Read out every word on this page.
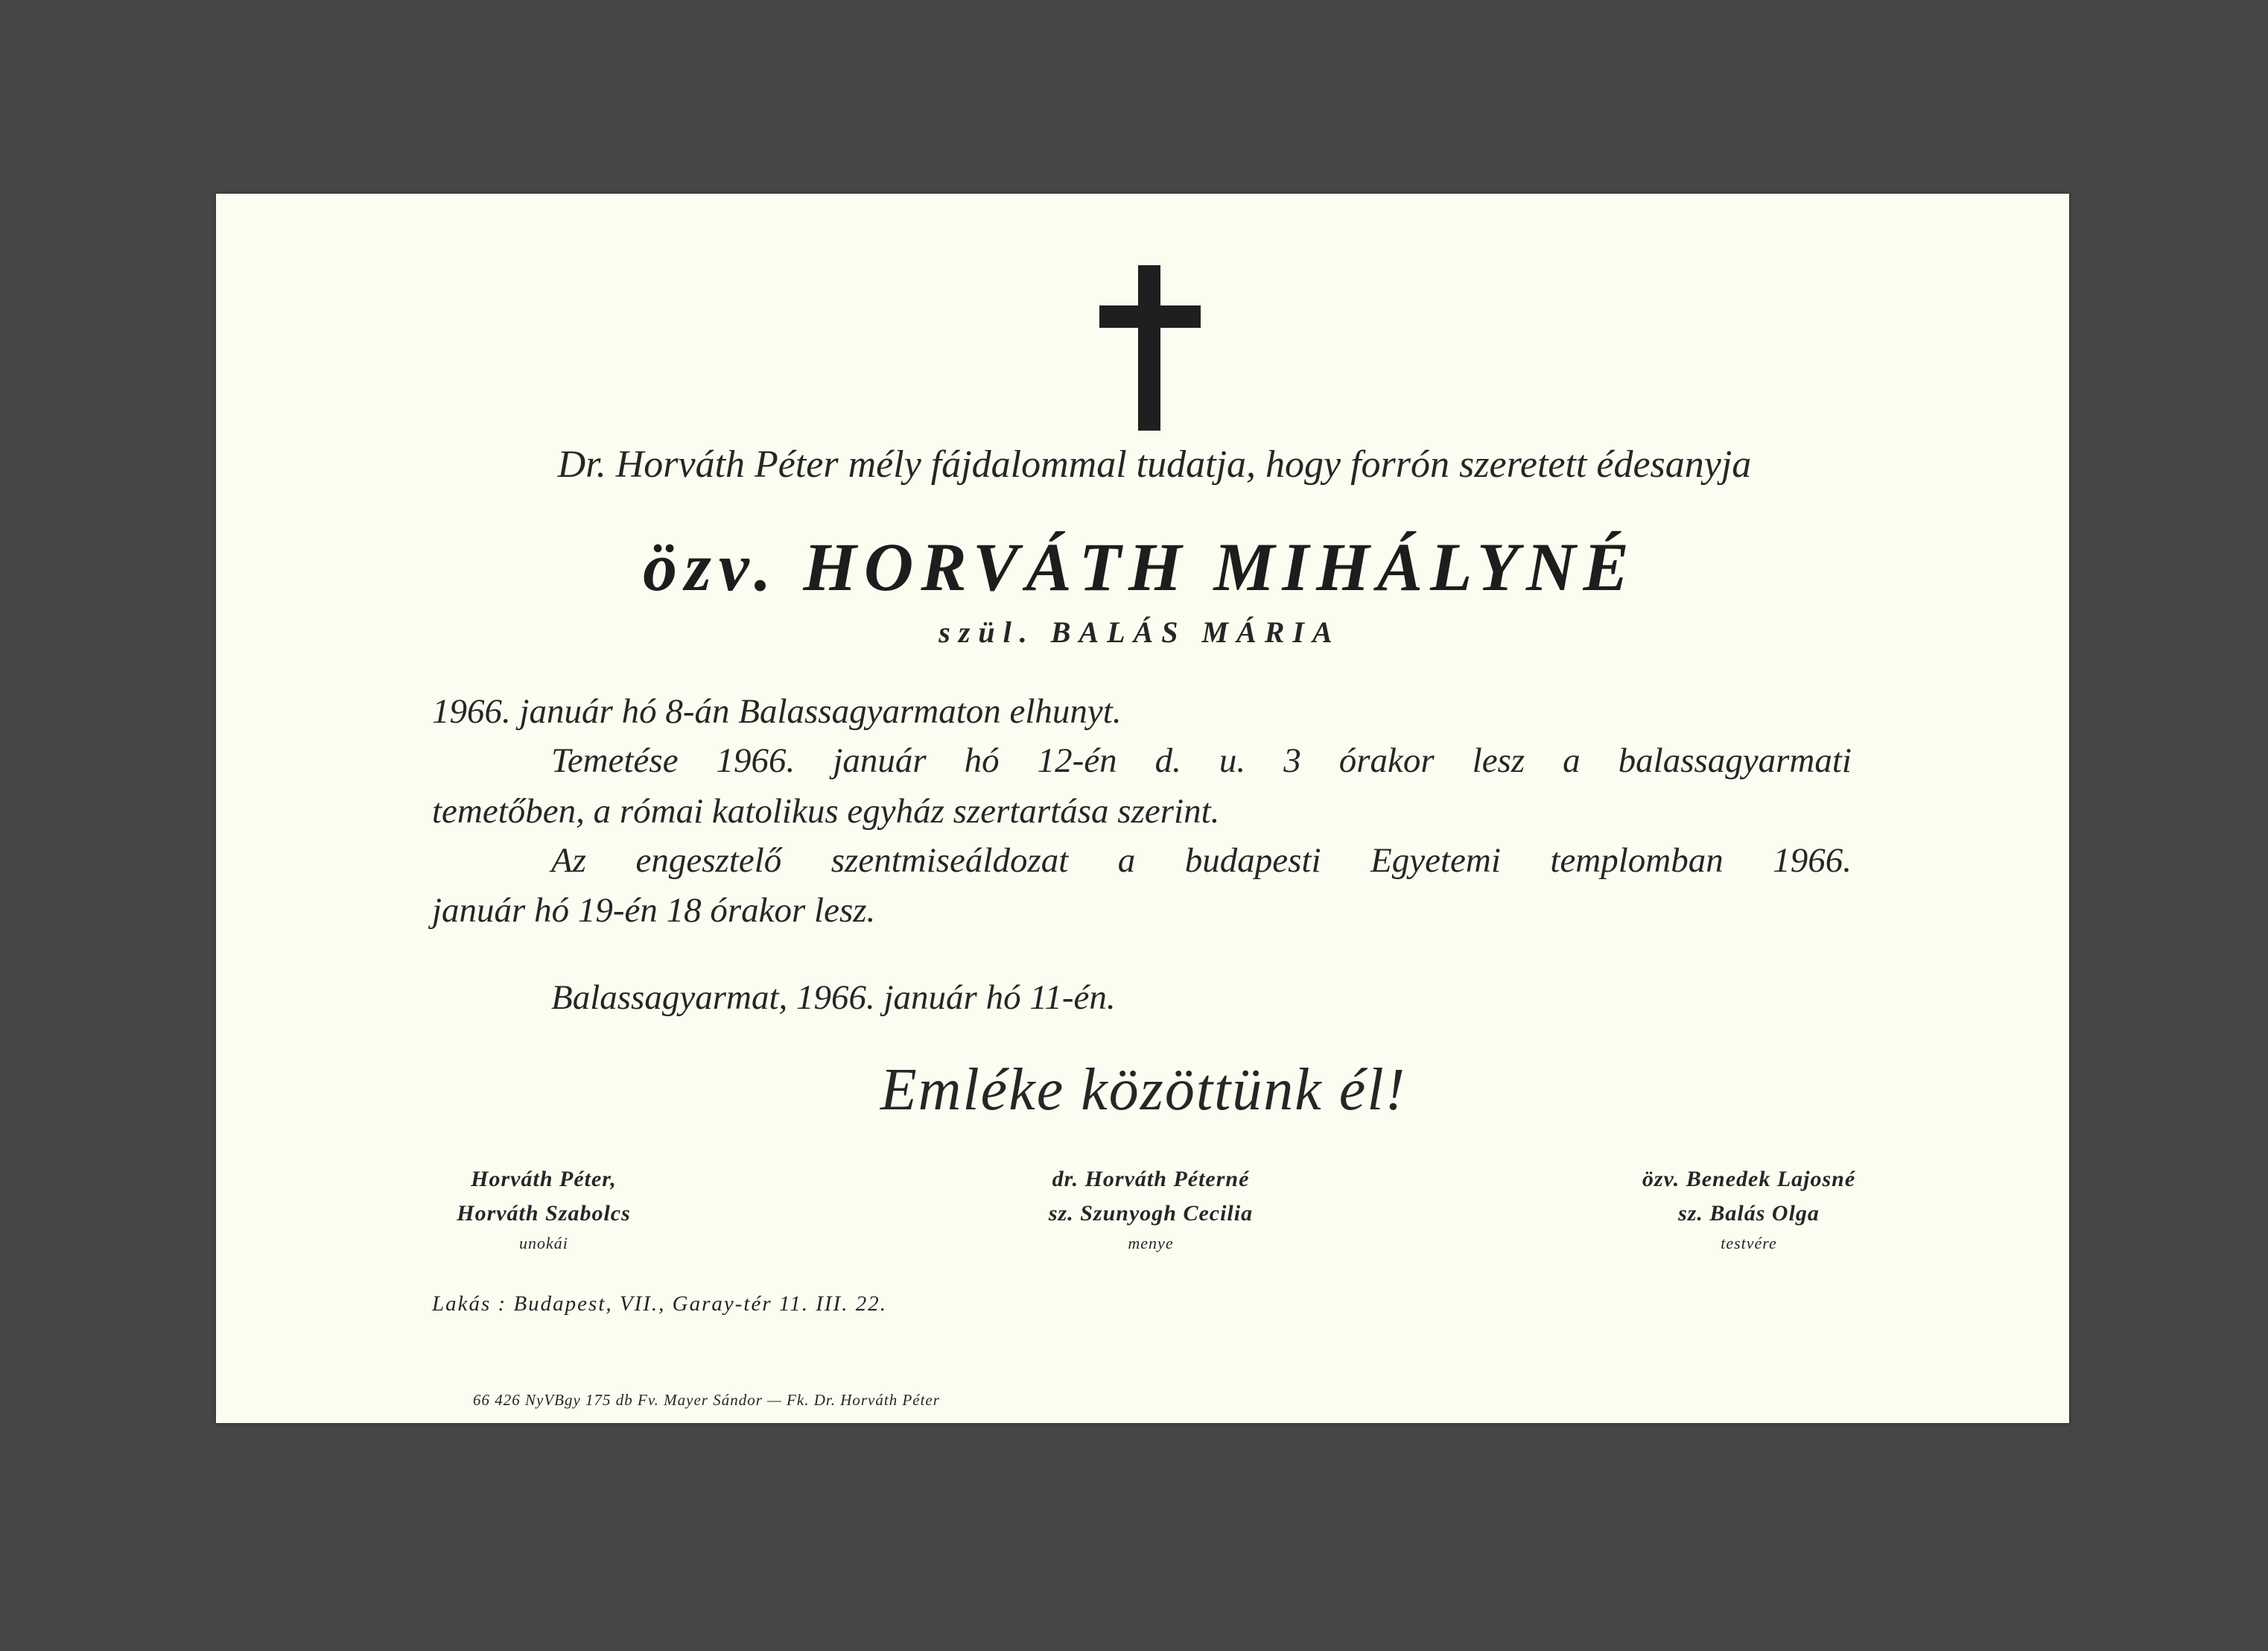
Dr. Horváth Péter mély fájdalommal tudatja, hogy forrón szeretett édesanyja
özv. HORVÁTH MIHÁLYNÉ
szül. BALÁS MÁRIA
1966. január hó 8-án Balassagyarmaton elhunyt.
Temetése 1966. január hó 12-én d. u. 3 órakor lesz a balassagyarmati
temetőben, a római katolikus egyház szertartása szerint.
Az engesztelő szentmiseáldozat a budapesti Egyetemi templomban 1966.
január hó 19-én 18 órakor lesz.
Balassagyarmat, 1966. január hó 11-én.
Emléke közöttünk él!
Horváth Péter,
Horváth Szabolcs
unokái
dr. Horváth Péterné
sz. Szunyogh Cecilia
menye
özv. Benedek Lajosné
sz. Balás Olga
testvére
Lakás : Budapest, VII., Garay-tér 11. III. 22.
66 426 NyVBgy 175 db Fv. Mayer Sándor — Fk. Dr. Horváth Péter
